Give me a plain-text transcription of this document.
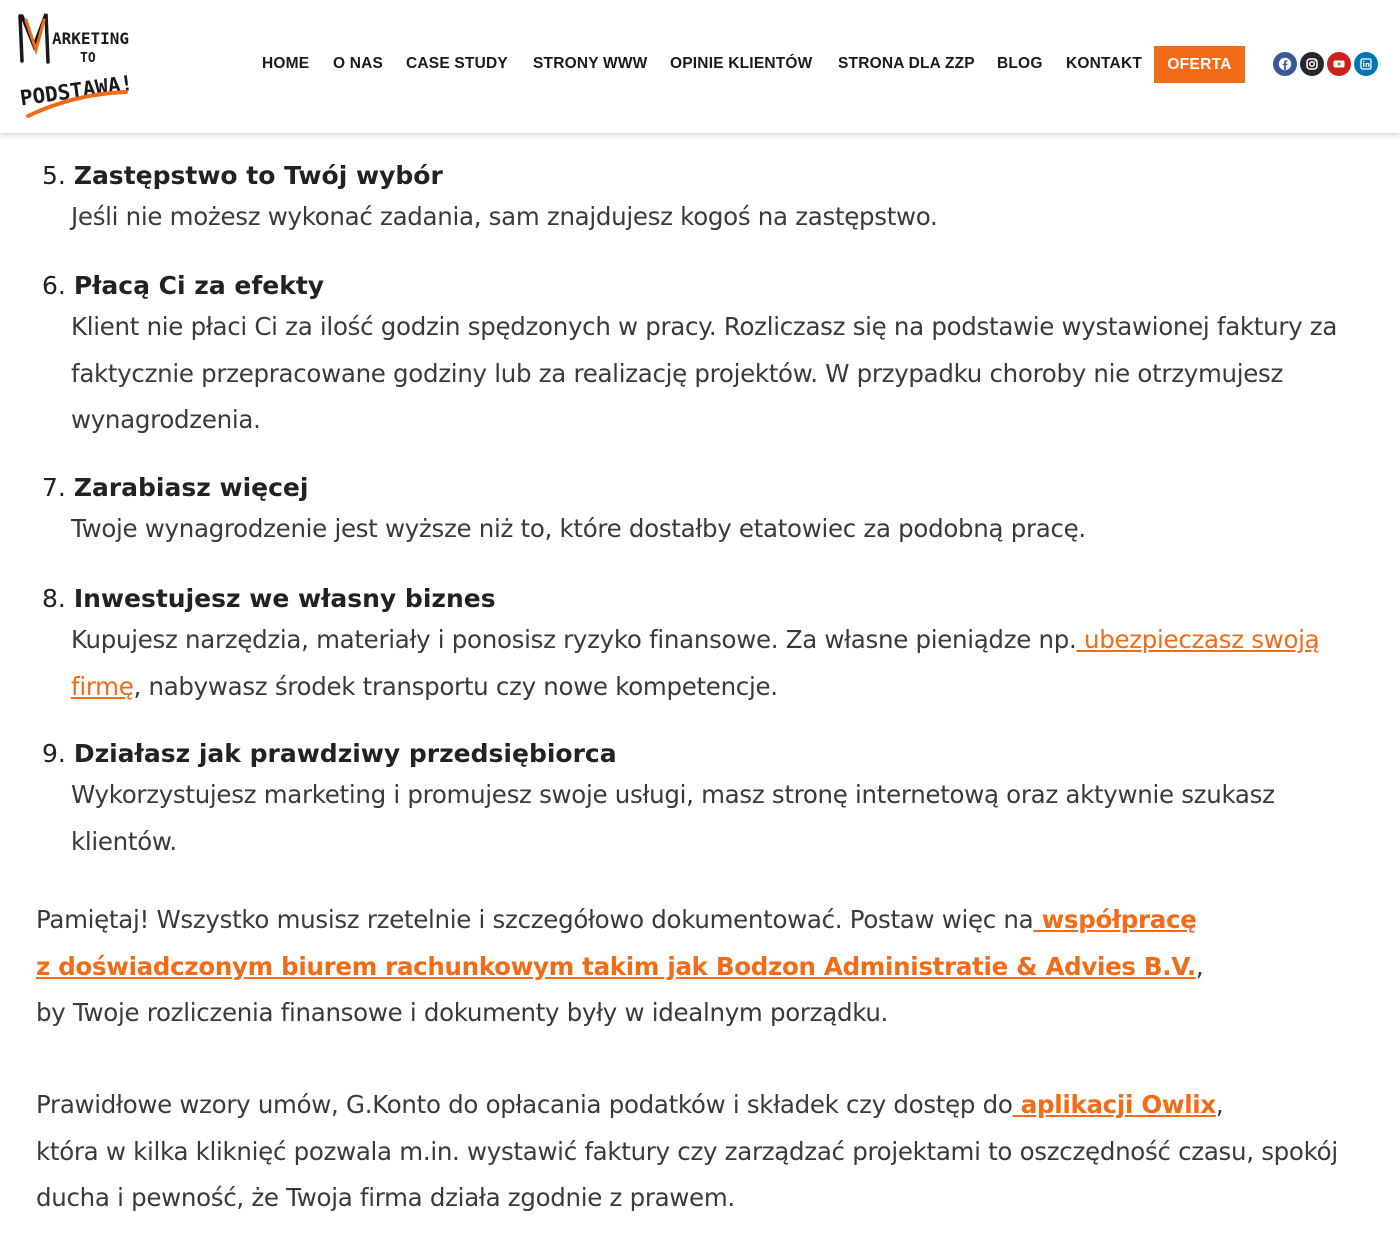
ARKETING
TO
PODSTAWA!
HOME O NAS CASE STUDY STRONY WWW OPINIE KLIENTÓW STRONA DLA ZZP BLOG KONTAKT	OFERTA
5. Zastępstwo to Twój wybór
Jeśli nie możesz wykonać zadania, sam znajdujesz kogoś na zastępstwo.
6. Płacą Ci za efekty
Klient nie płaci Ci za ilość godzin spędzonych w pracy. Rozliczasz się na podstawie wystawionej faktury za faktycznie przepracowane godziny lub za realizację projektów. W przypadku choroby nie otrzymujesz wynagrodzenia.
7. Zarabiasz więcej
Twoje wynagrodzenie jest wyższe niż to, które dostałby etatowiec za podobną pracę.
8. Inwestujesz we własny biznes
Kupujesz narzędzia, materiały i ponosisz ryzyko finansowe. Za własne pieniądze np. ubezpieczasz swoją firmę, nabywasz środek transportu czy nowe kompetencje.
9. Działasz jak prawdziwy przedsiębiorca
Wykorzystujesz marketing i promujesz swoje usługi, masz stronę internetową oraz aktywnie szukasz klientów.
Pamiętaj! Wszystko musisz rzetelnie i szczegółowo dokumentować. Postaw więc na współpracę
z doświadczonym biurem rachunkowym takim jak Bodzon Administratie & Advies B.V.,
by Twoje rozliczenia finansowe i dokumenty były w idealnym porządku.
Prawidłowe wzory umów, G.Konto do opłacania podatków i składek czy dostęp do aplikacji Owlix,
która w kilka kliknięć pozwala m.in. wystawić faktury czy zarządzać projektami to oszczędność czasu, spokój ducha i pewność, że Twoja firma działa zgodnie z prawem.
